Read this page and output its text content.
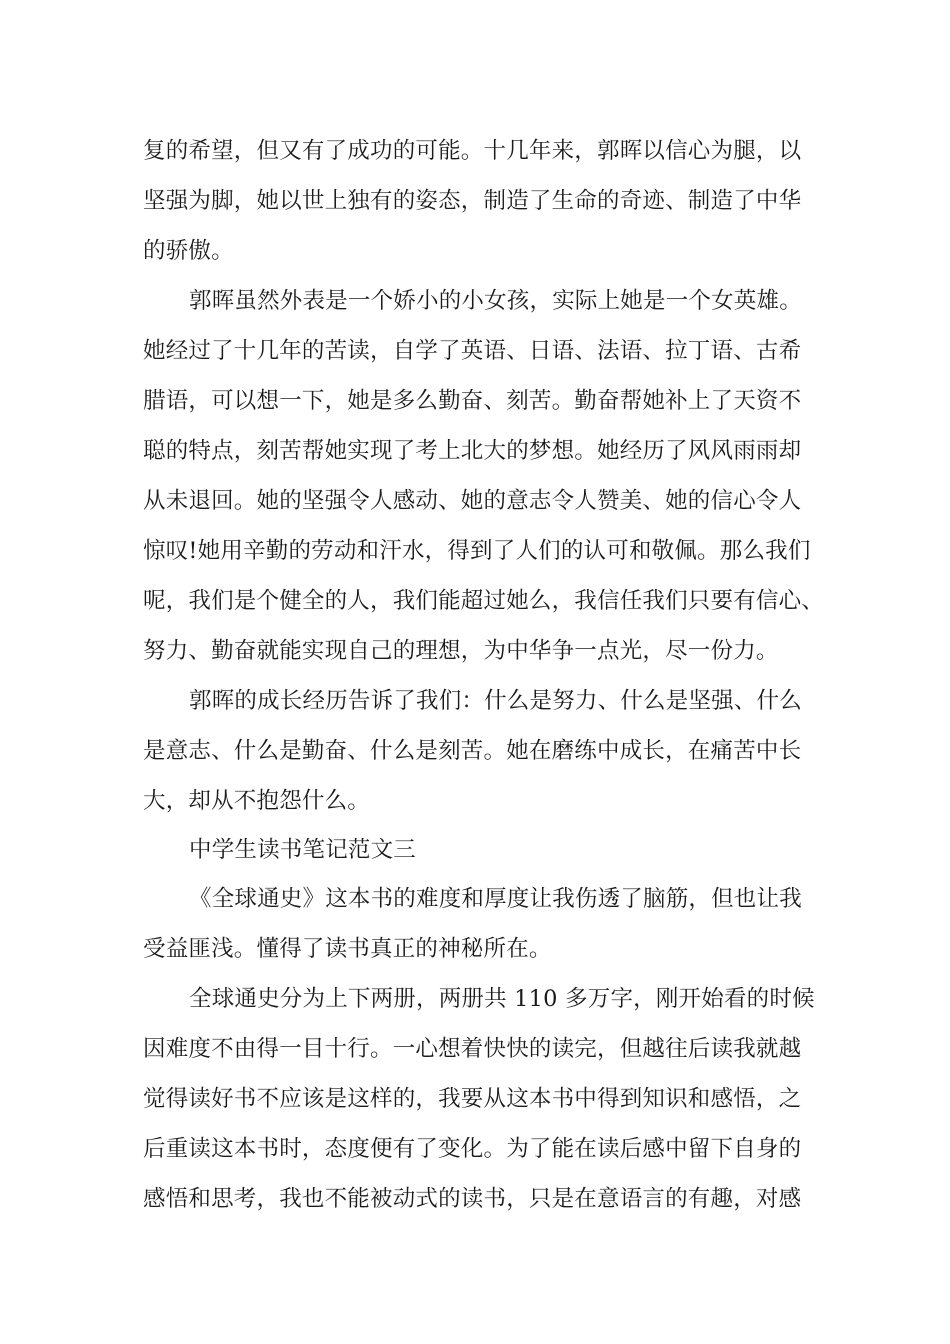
复的希望，但又有了成功的可能。十几年来，郭晖以信心为腿，以
坚强为脚，她以世上独有的姿态，制造了生命的奇迹、制造了中华
的骄傲。
郭晖虽然外表是一个娇小的小女孩，实际上她是一个女英雄。
她经过了十几年的苦读，自学了英语、日语、法语、拉丁语、古希
腊语，可以想一下，她是多么勤奋、刻苦。勤奋帮她补上了天资不
聪的特点，刻苦帮她实现了考上北大的梦想。她经历了风风雨雨却
从未退回。她的坚强令人感动、她的意志令人赞美、她的信心令人
惊叹!她用辛勤的劳动和汗水，得到了人们的认可和敬佩。那么我们
呢，我们是个健全的人，我们能超过她么，我信任我们只要有信心、
努力、勤奋就能实现自己的理想，为中华争一点光，尽一份力。
郭晖的成长经历告诉了我们：什么是努力、什么是坚强、什么
是意志、什么是勤奋、什么是刻苦。她在磨练中成长，在痛苦中长
大，却从不抱怨什么。
中学生读书笔记范文三
《全球通史》这本书的难度和厚度让我伤透了脑筋，但也让我
受益匪浅。懂得了读书真正的神秘所在。
全球通史分为上下两册，两册共 110 多万字，刚开始看的时候
因难度不由得一目十行。一心想着快快的读完，但越往后读我就越
觉得读好书不应该是这样的，我要从这本书中得到知识和感悟，之
后重读这本书时，态度便有了变化。为了能在读后感中留下自身的
感悟和思考，我也不能被动式的读书，只是在意语言的有趣，对感
